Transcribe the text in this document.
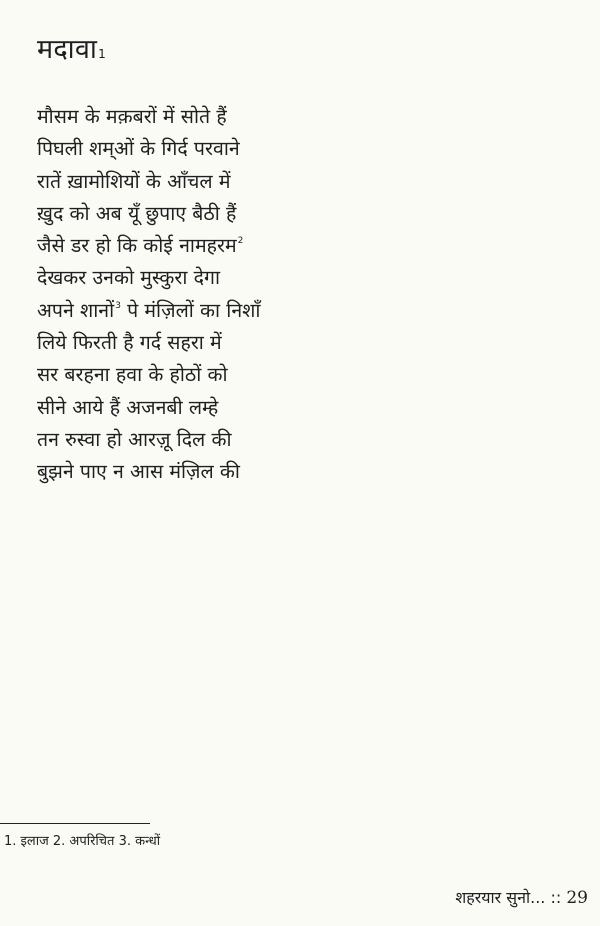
मदावा$^1$
मौसम के मक़बरों में सोते हैं
पिघली शम्ओं के गिर्द परवाने
रातें ख़ामोशियों के आँचल में
ख़ुद को अब यूँ छुपाए बैठी हैं
जैसे डर हो कि कोई नामहरम$^2$
देखकर उनको मुस्कुरा देगा
अपने शानों$^3$ पे मंज़िलों का निशाँ
लिये फिरती है गर्द सहरा में
सर बरहना हवा के होठों को
सीने आये हैं अजनबी लम्हे
तन रुस्वा हो आरज़ू दिल की
बुझने पाए न आस मंज़िल की
1. इलाज 2. अपरिचित 3. कन्धों
शहरयार सुनो... :: 29
